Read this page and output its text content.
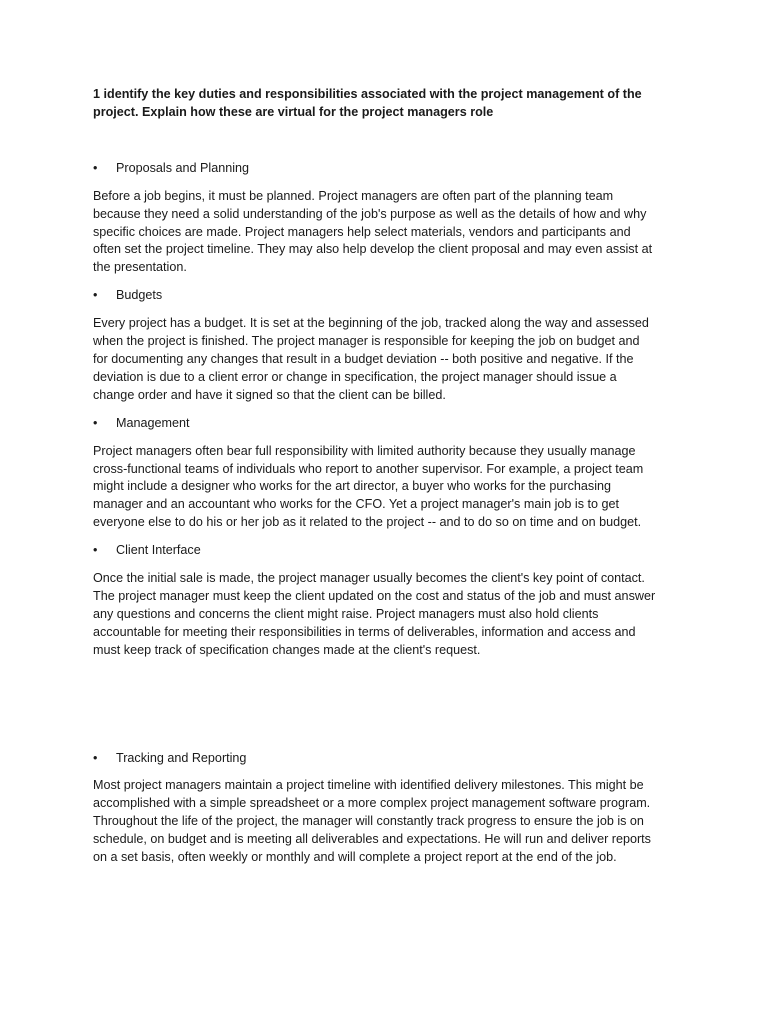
1 identify the key duties and responsibilities associated with the project management of the
project. Explain how these are virtual for the project managers role

• Proposals and Planning

Before a job begins, it must be planned. Project managers are often part of the planning team
because they need a solid understanding of the job's purpose as well as the details of how and why
specific choices are made. Project managers help select materials, vendors and participants and
often set the project timeline. They may also help develop the client proposal and may even assist at
the presentation.

• Budgets

Every project has a budget. It is set at the beginning of the job, tracked along the way and assessed
when the project is finished. The project manager is responsible for keeping the job on budget and
for documenting any changes that result in a budget deviation -- both positive and negative. If the
deviation is due to a client error or change in specification, the project manager should issue a
change order and have it signed so that the client can be billed.

• Management

Project managers often bear full responsibility with limited authority because they usually manage
cross-functional teams of individuals who report to another supervisor. For example, a project team
might include a designer who works for the art director, a buyer who works for the purchasing
manager and an accountant who works for the CFO. Yet a project manager's main job is to get
everyone else to do his or her job as it related to the project -- and to do so on time and on budget.

• Client Interface

Once the initial sale is made, the project manager usually becomes the client's key point of contact.
The project manager must keep the client updated on the cost and status of the job and must answer
any questions and concerns the client might raise. Project managers must also hold clients
accountable for meeting their responsibilities in terms of deliverables, information and access and
must keep track of specification changes made at the client's request.

• Tracking and Reporting

Most project managers maintain a project timeline with identified delivery milestones. This might be
accomplished with a simple spreadsheet or a more complex project management software program.
Throughout the life of the project, the manager will constantly track progress to ensure the job is on
schedule, on budget and is meeting all deliverables and expectations. He will run and deliver reports
on a set basis, often weekly or monthly and will complete a project report at the end of the job.
